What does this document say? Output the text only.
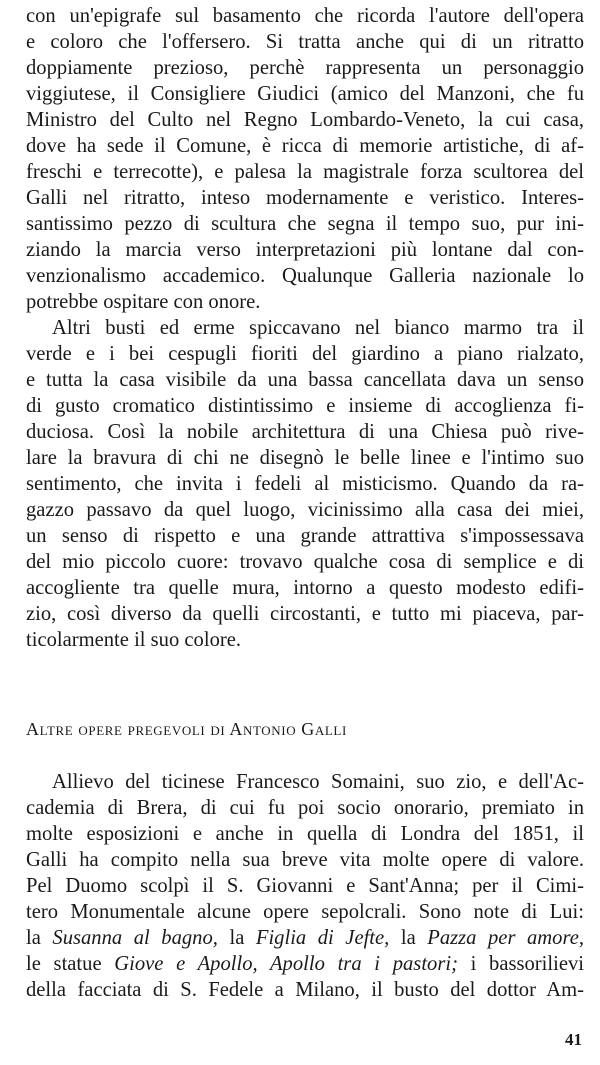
con un'epigrafe sul basamento che ricorda l'autore dell'opera
e coloro che l'offersero. Si tratta anche qui di un ritratto
doppiamente prezioso, perchè rappresenta un personaggio
viggiutese, il Consigliere Giudici (amico del Manzoni, che fu
Ministro del Culto nel Regno Lombardo-Veneto, la cui casa,
dove ha sede il Comune, è ricca di memorie artistiche, di af-
freschi e terrecotte), e palesa la magistrale forza scultorea del
Galli nel ritratto, inteso modernamente e veristico. Interes-
santissimo pezzo di scultura che segna il tempo suo, pur ini-
ziando la marcia verso interpretazioni più lontane dal con-
venzionalismo accademico. Qualunque Galleria nazionale lo
potrebbe ospitare con onore.
Altri busti ed erme spiccavano nel bianco marmo tra il
verde e i bei cespugli fioriti del giardino a piano rialzato,
e tutta la casa visibile da una bassa cancellata dava un senso
di gusto cromatico distintissimo e insieme di accoglienza fi-
duciosa. Così la nobile architettura di una Chiesa può rive-
lare la bravura di chi ne disegnò le belle linee e l'intimo suo
sentimento, che invita i fedeli al misticismo. Quando da ra-
gazzo passavo da quel luogo, vicinissimo alla casa dei miei,
un senso di rispetto e una grande attrattiva s'impossessava
del mio piccolo cuore: trovavo qualche cosa di semplice e di
accogliente tra quelle mura, intorno a questo modesto edifi-
zio, così diverso da quelli circostanti, e tutto mi piaceva, par-
ticolarmente il suo colore.
Altre opere pregevoli di Antonio Galli
Allievo del ticinese Francesco Somaini, suo zio, e dell'Ac-
cademia di Brera, di cui fu poi socio onorario, premiato in
molte esposizioni e anche in quella di Londra del 1851, il
Galli ha compito nella sua breve vita molte opere di valore.
Pel Duomo scolpì il S. Giovanni e Sant'Anna; per il Cimi-
tero Monumentale alcune opere sepolcrali. Sono note di Lui:
la Susanna al bagno, la Figlia di Jefte, la Pazza per amore,
le statue Giove e Apollo, Apollo tra i pastori; i bassorilievi
della facciata di S. Fedele a Milano, il busto del dottor Am-
41
